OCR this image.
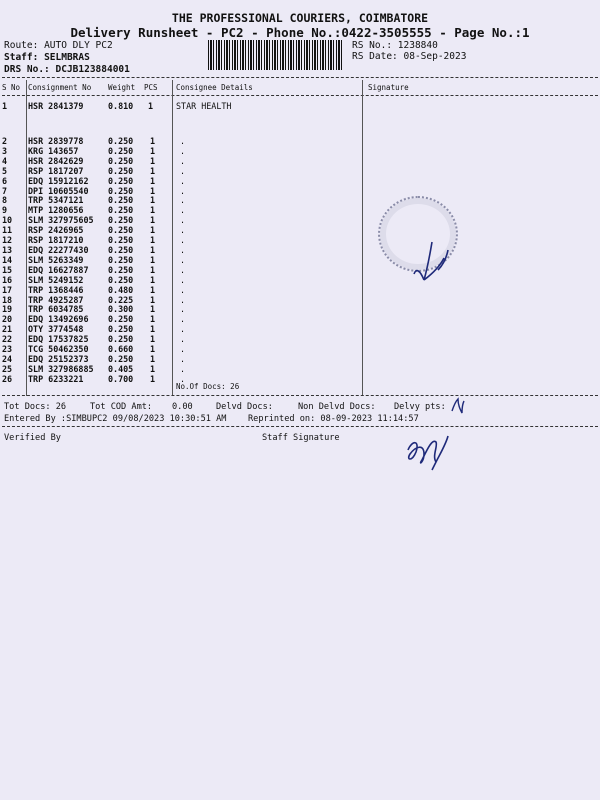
THE PROFESSIONAL COURIERS, COIMBATORE
Delivery Runsheet - PC2 - Phone No.:0422-3505555 - Page No.:1
Route: AUTO DLY PC2
Staff: SELMBRAS
DRS No.: DCJB123884001
RS No.: 1238840
RS Date: 08-Sep-2023
S No Consignment No Weight PCS Consignee Details	Signature
1 HSR 2841379	0.810 1	STAR HEALTH
2	HSR 2839778	0.250	1	.
3	KRG 143657	0.250	1	.
4	HSR 2842629	0.250	1	.
5	RSP 1817207	0.250	1	.
6	EDQ 15912162	0.250	1	.
7	DPI 10605540	0.250	1	.
8	TRP 5347121	0.250	1	.
9	MTP 1280656	0.250	1	.
10	SLM 327975605	0.250	1	.
11	RSP 2426965	0.250	1	.
12	RSP 1817210	0.250	1	.
13	EDQ 22277430	0.250	1	.
14	SLM 5263349	0.250	1	.
15	EDQ 16627887	0.250	1	.
16	SLM 5249152	0.250	1	.
17	TRP 1368446	0.480	1	.
18	TRP 4925287	0.225	1	.
19	TRP 6034785	0.300	1	.
20	EDQ 13492696	0.250	1	.
21	OTY 3774548	0.250	1	.
22	EDQ 17537825	0.250	1	.
23	TCG 50462350	0.660	1	.
24	EDQ 25152373	0.250	1	.
25	SLM 327986885	0.405	1	.
26	TRP 6233221	0.700	1	.
No.Of Docs: 26
Tot Docs: 26	Tot COD Amt: 0.00	Delvd Docs:	Non Delvd Docs: Delvy pts:
Entered By :SIMBUPC2 09/08/2023 10:30:51 AM	Reprinted on: 08-09-2023 11:14:57
Verified By	Staff Signature
